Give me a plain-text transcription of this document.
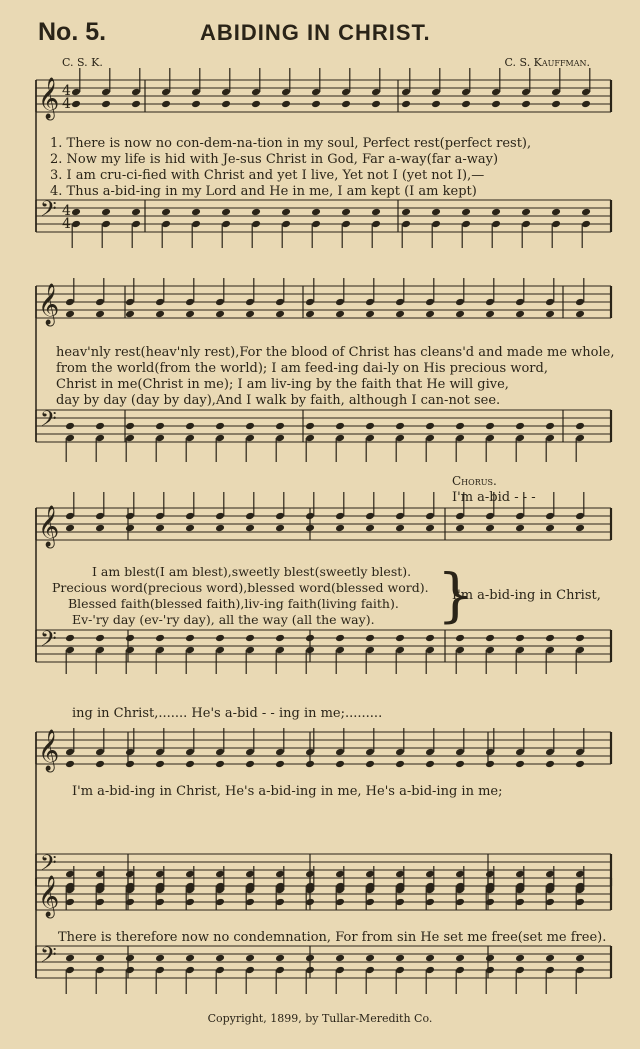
No. 5.	ABIDING IN CHRIST.
C. S. K.	C. S. Kauffman.
𝄞
𝄢
𝄞
𝄢
𝄞
𝄢
𝄞
𝄢
𝄞
𝄢
4
4
4
4
1. There is now no con-dem-na-tion in my soul, Perfect rest(perfect rest),
2. Now my life is hid with Je-sus Christ in God, Far a-way(far a-way)
3. I am cru-ci-fied with Christ and yet I live, Yet not I (yet not I),—
4. Thus a-bid-ing in my Lord and He in me, I am kept (I am kept)
heav'nly rest(heav'nly rest),For the blood of Christ has cleans'd and made me whole,
from the world(from the world); I am feed-ing dai-ly on His precious word,
Christ in me(Christ in me); I am liv-ing by the faith that He will give,
day by day (day by day),And I walk by faith, although I can-not see.
Chorus.
I'm a-bid - - -
I am blest(I am blest),sweetly blest(sweetly blest).
Precious word(precious word),blessed word(blessed word).
Blessed faith(blessed faith),liv-ing faith(living faith).
Ev-'ry day (ev-'ry day), all the way (all the way). }
I'm a-bid-ing in Christ,
ing in Christ,....... He's a-bid - - ing in me;.........
I'm a-bid-ing in Christ, He's a-bid-ing in me, He's a-bid-ing in me;
There is therefore now no condemnation, For from sin He set me free(set me free).
Copyright, 1899, by Tullar-Meredith Co.
